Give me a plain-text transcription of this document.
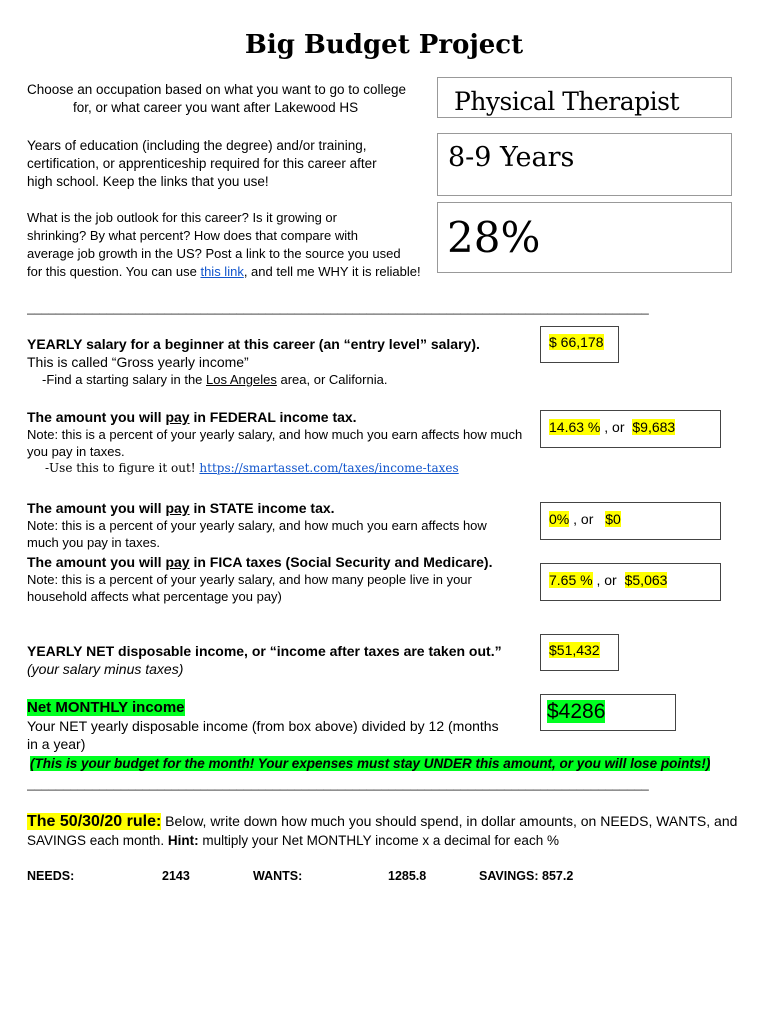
Big Budget Project
Choose an occupation based on what you want to go to college
for, or what career you want after Lakewood HS	Physical Therapist
Years of education (including the degree) and/or training,
certification, or apprenticeship required for this career after
high school. Keep the links that you use!
8-9 Years
What is the job outlook for this career? Is it growing or
shrinking? By what percent? How does that compare with
average job growth in the US? Post a link to the source you used
for this question. You can use this link, and tell me WHY it is reliable!
28%
______________________________________________________________________________________
YEARLY salary for a beginner at this career (an “entry level” salary).
This is called “Gross yearly income”
-Find a starting salary in the Los Angeles area, or California.
$ 66,178
The amount you will pay in FEDERAL income tax.
Note: this is a percent of your yearly salary, and how much you earn affects how much
you pay in taxes.
-Use this to figure it out! https://smartasset.com/taxes/income-taxes
14.63 % , or $9,683
The amount you will pay in STATE income tax.
Note: this is a percent of your yearly salary, and how much you earn affects how
much you pay in taxes.
0% , or $0
The amount you will pay in FICA taxes (Social Security and Medicare).
Note: this is a percent of your yearly salary, and how many people live in your
household affects what percentage you pay)
7.65 % , or $5,063
YEARLY NET disposable income, or “income after taxes are taken out.”
(your salary minus taxes)
$51,432
Net MONTHLY income
Your NET yearly disposable income (from box above) divided by 12 (months
in a year)
$4286
(This is your budget for the month! Your expenses must stay UNDER this amount, or you will lose points!)
______________________________________________________________________________________
The 50/30/20 rule: Below, write down how much you should spend, in dollar amounts, on NEEDS, WANTS, and
SAVINGS each month. Hint: multiply your Net MONTHLY income x a decimal for each %
NEEDS:	2143	WANTS:	1285.8	SAVINGS: 857.2
